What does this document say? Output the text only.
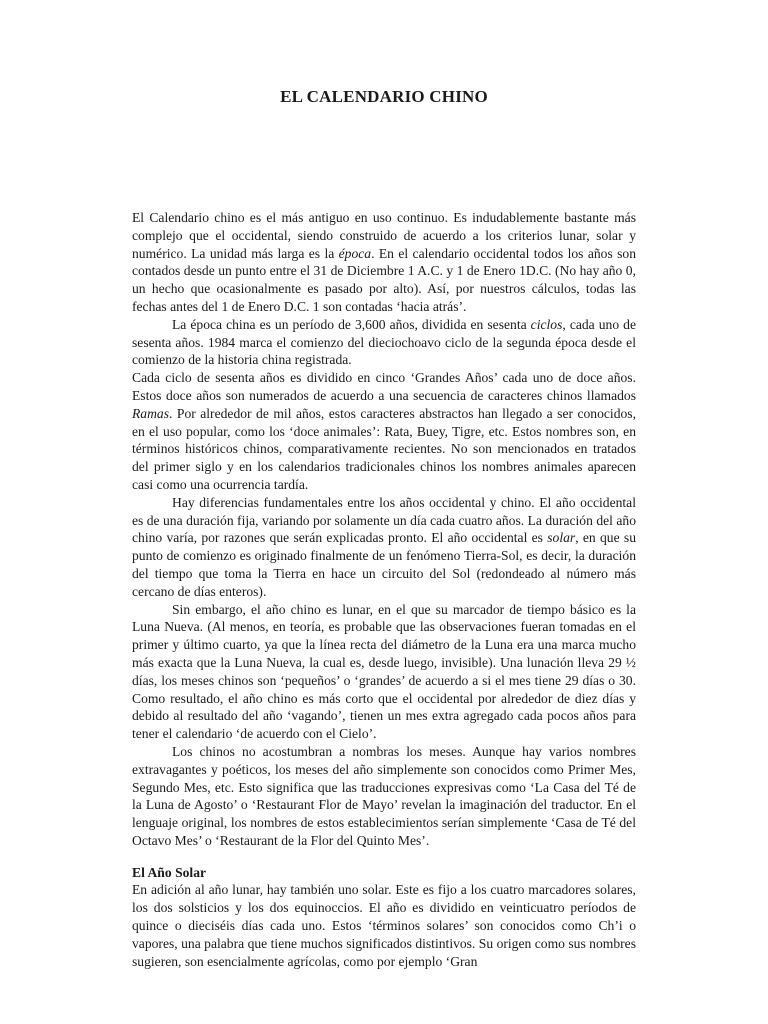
EL CALENDARIO CHINO

El Calendario chino es el más antiguo en uso continuo. Es indudablemente bastante más complejo que el occidental, siendo construido de acuerdo a los criterios lunar, solar y numérico. La unidad más larga es la época. En el calendario occidental todos los años son contados desde un punto entre el 31 de Diciembre 1 A.C. y 1 de Enero 1D.C. (No hay año 0, un hecho que ocasionalmente es pasado por alto). Así, por nuestros cálculos, todas las fechas antes del 1 de Enero D.C. 1 son contadas ‘hacia atrás’.

La época china es un período de 3,600 años, dividida en sesenta ciclos, cada uno de sesenta años. 1984 marca el comienzo del dieciochoavo ciclo de la segunda época desde el comienzo de la historia china registrada.

Cada ciclo de sesenta años es dividido en cinco ‘Grandes Años’ cada uno de doce años. Estos doce años son numerados de acuerdo a una secuencia de caracteres chinos llamados Ramas. Por alrededor de mil años, estos caracteres abstractos han llegado a ser conocidos, en el uso popular, como los ‘doce animales’: Rata, Buey, Tigre, etc. Estos nombres son, en términos históricos chinos, comparativamente recientes. No son mencionados en tratados del primer siglo y en los calendarios tradicionales chinos los nombres animales aparecen casi como una ocurrencia tardía.

Hay diferencias fundamentales entre los años occidental y chino. El año occidental es de una duración fija, variando por solamente un día cada cuatro años. La duración del año chino varía, por razones que serán explicadas pronto. El año occidental es solar, en que su punto de comienzo es originado finalmente de un fenómeno Tierra-Sol, es decir, la duración del tiempo que toma la Tierra en hace un circuito del Sol (redondeado al número más cercano de días enteros).

Sin embargo, el año chino es lunar, en el que su marcador de tiempo básico es la Luna Nueva. (Al menos, en teoría, es probable que las observaciones fueran tomadas en el primer y último cuarto, ya que la línea recta del diámetro de la Luna era una marca mucho más exacta que la Luna Nueva, la cual es, desde luego, invisible). Una lunación lleva 29 ½ días, los meses chinos son ‘pequeños’ o ‘grandes’ de acuerdo a si el mes tiene 29 días o 30. Como resultado, el año chino es más corto que el occidental por alrededor de diez días y debido al resultado del año ‘vagando’, tienen un mes extra agregado cada pocos años para tener el calendario ‘de acuerdo con el Cielo’.

Los chinos no acostumbran a nombras los meses. Aunque hay varios nombres extravagantes y poéticos, los meses del año simplemente son conocidos como Primer Mes, Segundo Mes, etc. Esto significa que las traducciones expresivas como ‘La Casa del Té de la Luna de Agosto’ o ‘Restaurant Flor de Mayo’ revelan la imaginación del traductor. En el lenguaje original, los nombres de estos establecimientos serían simplemente ‘Casa de Té del Octavo Mes’ o ‘Restaurant de la Flor del Quinto Mes’.

El Año Solar

En adición al año lunar, hay también uno solar. Este es fijo a los cuatro marcadores solares, los dos solsticios y los dos equinoccios. El año es dividido en veinticuatro períodos de quince o dieciséis días cada uno. Estos ‘términos solares’ son conocidos como Ch’i o vapores, una palabra que tiene muchos significados distintivos. Su origen como sus nombres sugieren, son esencialmente agrícolas, como por ejemplo ‘Gran
